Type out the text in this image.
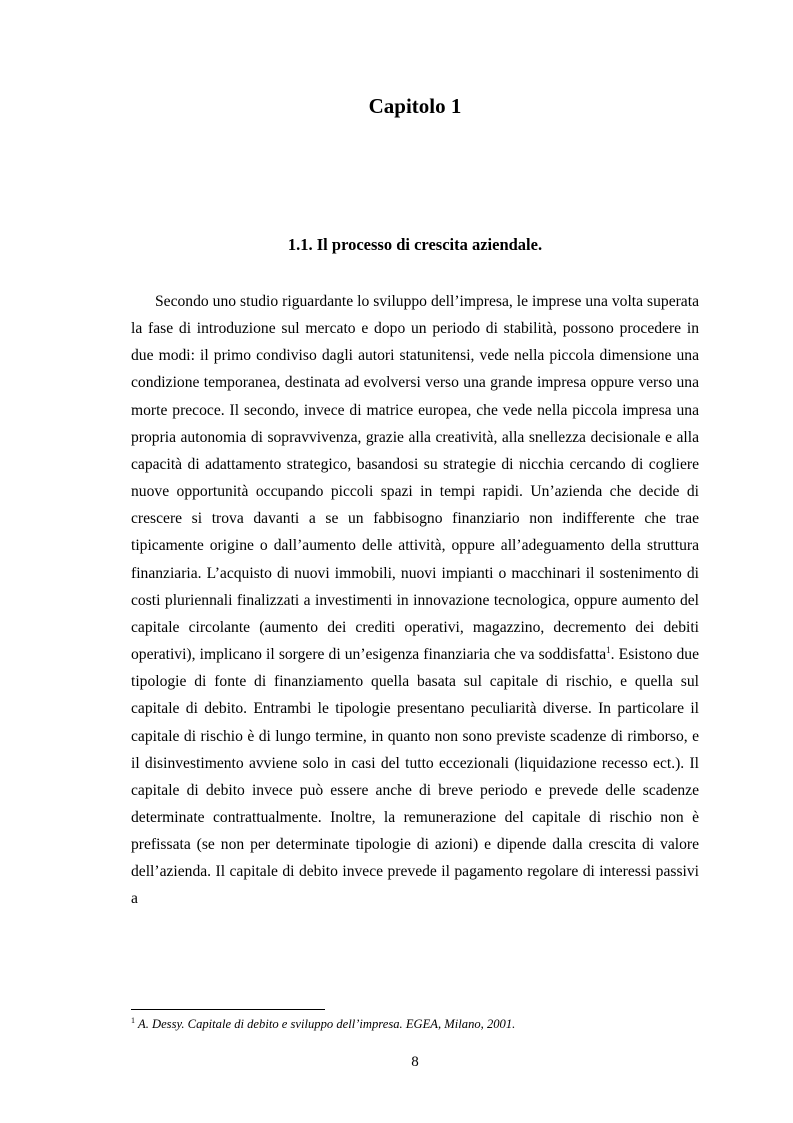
Capitolo 1
1.1. Il processo di crescita aziendale.

Secondo uno studio riguardante lo sviluppo dell’impresa, le imprese una volta superata la fase di introduzione sul mercato e dopo un periodo di stabilità, possono procedere in due modi: il primo condiviso dagli autori statunitensi, vede nella piccola dimensione una condizione temporanea, destinata ad evolversi verso una grande impresa oppure verso una morte precoce. Il secondo, invece di matrice europea, che vede nella piccola impresa una propria autonomia di sopravvivenza, grazie alla creatività, alla snellezza decisionale e alla capacità di adattamento strategico, basandosi su strategie di nicchia cercando di cogliere nuove opportunità occupando piccoli spazi in tempi rapidi. Un’azienda che decide di crescere si trova davanti a se un fabbisogno finanziario non indifferente che trae tipicamente origine o dall’aumento delle attività, oppure all’adeguamento della struttura finanziaria. L’acquisto di nuovi immobili, nuovi impianti o macchinari il sostenimento di costi pluriennali finalizzati a investimenti in innovazione tecnologica, oppure aumento del capitale circolante (aumento dei crediti operativi, magazzino, decremento dei debiti operativi), implicano il sorgere di un’esigenza finanziaria che va soddisfatta$^1$. Esistono due tipologie di fonte di finanziamento quella basata sul capitale di rischio, e quella sul capitale di debito. Entrambi le tipologie presentano peculiarità diverse. In particolare il capitale di rischio è di lungo termine, in quanto non sono previste scadenze di rimborso, e il disinvestimento avviene solo in casi del tutto eccezionali (liquidazione recesso ect.). Il capitale di debito invece può essere anche di breve periodo e prevede delle scadenze determinate contrattualmente. Inoltre, la remunerazione del capitale di rischio non è prefissata (se non per determinate tipologie di azioni) e dipende dalla crescita di valore dell’azienda. Il capitale di debito invece prevede il pagamento regolare di interessi passivi a

$^1$ A. Dessy. Capitale di debito e sviluppo dell’impresa. EGEA, Milano, 2001.

8
